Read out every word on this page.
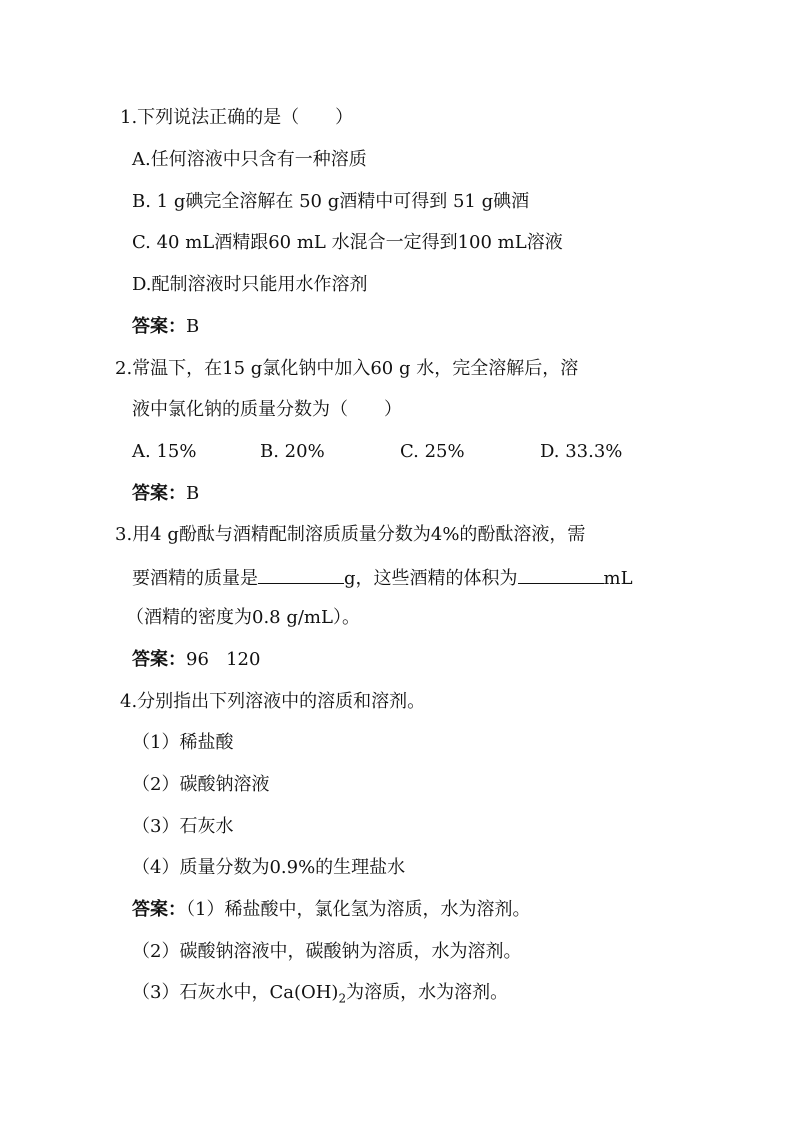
1.下列说法正确的是（　　）
A.任何溶液中只含有一种溶质
B. 1 g碘完全溶解在 50 g酒精中可得到 51 g碘酒
C. 40 mL酒精跟60 mL 水混合一定得到100 mL溶液
D.配制溶液时只能用水作溶剂
答案：B
2.常温下，在15 g氯化钠中加入60 g 水，完全溶解后，溶
液中氯化钠的质量分数为（　　）
A. 15%	B. 20%	C. 25%	D. 33.3%
答案：B
3.用4 g酚酞与酒精配制溶质质量分数为4%的酚酞溶液，需
要酒精的质量是	g，这些酒精的体积为	mL
（酒精的密度为0.8 g/mL）。
答案：96   120
4.分别指出下列溶液中的溶质和溶剂。
（1）稀盐酸
（2）碳酸钠溶液
（3）石灰水
（4）质量分数为0.9%的生理盐水
答案：（1）稀盐酸中，氯化氢为溶质，水为溶剂。
（2）碳酸钠溶液中，碳酸钠为溶质，水为溶剂。
（3）石灰水中，$Ca(OH)_2$为溶质，水为溶剂。
